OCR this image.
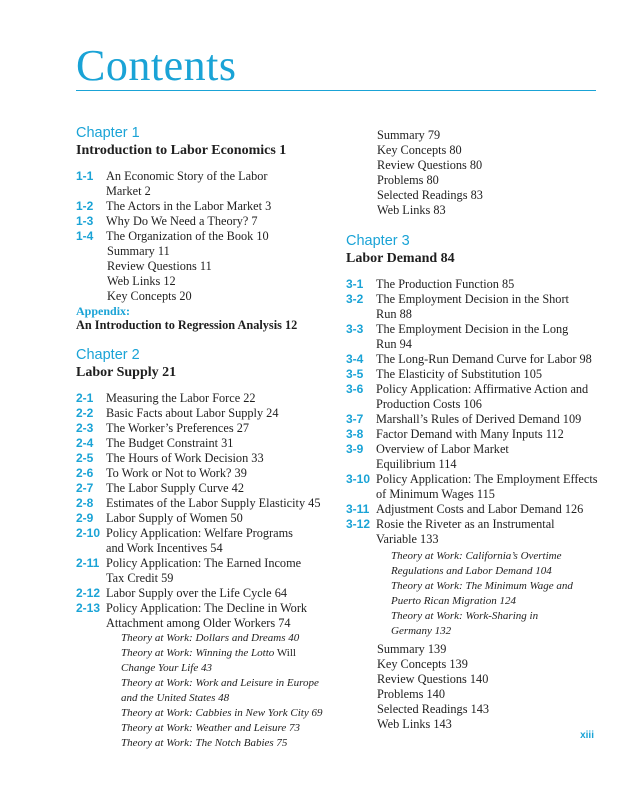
Contents
Chapter 1
Introduction to Labor Economics 1
1-1	An Economic Story of the Labor
Market 2
1-2	The Actors in the Labor Market 3
1-3	Why Do We Need a Theory? 7
1-4	The Organization of the Book 10
Summary 11
Review Questions 11
Web Links 12
Key Concepts 20
Appendix:
An Introduction to Regression Analysis 12
Chapter 2
Labor Supply 21
2-1	Measuring the Labor Force 22
2-2	Basic Facts about Labor Supply 24
2-3	The Worker’s Preferences 27
2-4	The Budget Constraint 31
2-5	The Hours of Work Decision 33
2-6	To Work or Not to Work? 39
2-7	The Labor Supply Curve 42
2-8	Estimates of the Labor Supply Elasticity 45
2-9	Labor Supply of Women 50
2-10 Policy Application: Welfare Programs
and Work Incentives 54
2-11 Policy Application: The Earned Income
Tax Credit 59
2-12 Labor Supply over the Life Cycle 64
2-13 Policy Application: The Decline in Work
Attachment among Older Workers 74
Theory at Work: Dollars and Dreams 40
Theory at Work: Winning the Lotto Will
Change Your Life 43
Theory at Work: Work and Leisure in Europe
and the United States 48
Theory at Work: Cabbies in New York City 69
Theory at Work: Weather and Leisure 73
Theory at Work: The Notch Babies 75
Summary 79
Key Concepts 80
Review Questions 80
Problems 80
Selected Readings 83
Web Links 83
Chapter 3
Labor Demand 84
3-1	The Production Function 85
3-2	The Employment Decision in the Short
Run 88
3-3	The Employment Decision in the Long
Run 94
3-4	The Long-Run Demand Curve for Labor 98
3-5	The Elasticity of Substitution 105
3-6	Policy Application: Affirmative Action and
Production Costs 106
3-7	Marshall’s Rules of Derived Demand 109
3-8	Factor Demand with Many Inputs 112
3-9	Overview of Labor Market
Equilibrium 114
3-10 Policy Application: The Employment Effects
of Minimum Wages 115
3-11 Adjustment Costs and Labor Demand 126
3-12 Rosie the Riveter as an Instrumental
Variable 133
Theory at Work: California’s Overtime
Regulations and Labor Demand 104
Theory at Work: The Minimum Wage and
Puerto Rican Migration 124
Theory at Work: Work-Sharing in
Germany 132
Summary 139
Key Concepts 139
Review Questions 140
Problems 140
Selected Readings 143
Web Links 143
xiii
